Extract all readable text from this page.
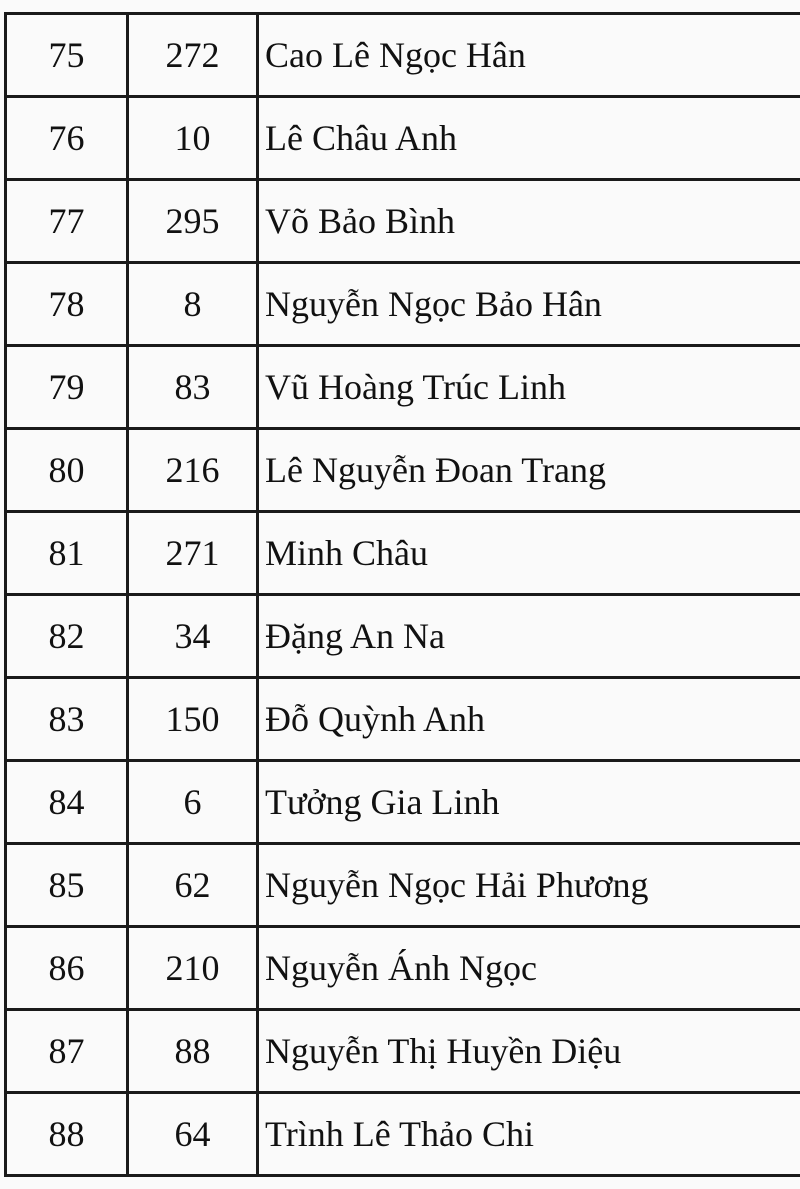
75	272	Cao Lê Ngọc Hân
76	10	Lê Châu Anh
77	295	Võ Bảo Bình
78	8	Nguyễn Ngọc Bảo Hân
79	83	Vũ Hoàng Trúc Linh
80	216	Lê Nguyễn Đoan Trang
81	271	Minh Châu
82	34	Đặng An Na
83	150	Đỗ Quỳnh Anh
84	6	Tưởng Gia Linh
85	62	Nguyễn Ngọc Hải Phương
86	210	Nguyễn Ánh Ngọc
87	88	Nguyễn Thị Huyền Diệu
88	64	Trình Lê Thảo Chi
